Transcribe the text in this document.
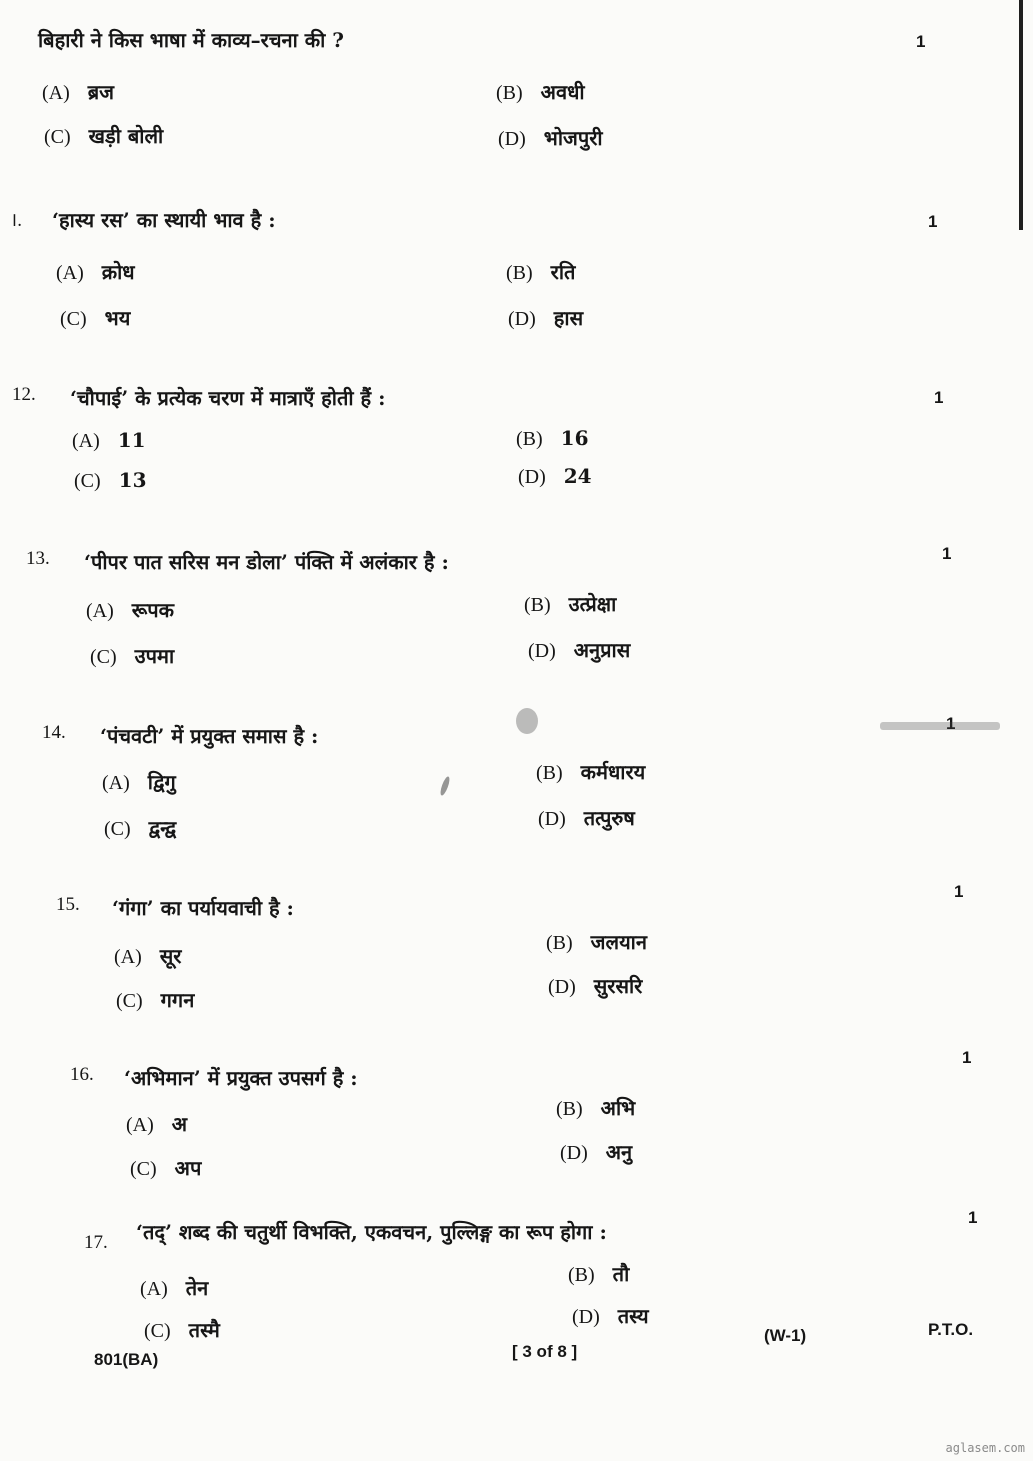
बिहारी ने किस भाषा में काव्य–रचना की ?	1
(A) ब्रज	(B) अवधी
(C) खड़ी बोली	(D) भोजपुरी
।. ‘हास्य रस’ का स्थायी भाव है :	1
(A) क्रोध	(B) रति
(C) भय	(D) हास
12. ‘चौपाई’ के प्रत्येक चरण में मात्राएँ होती हैं :	1
(A) 11	(B) 16
(C) 13	(D) 24
13. ‘पीपर पात सरिस मन डोला’ पंक्ति में अलंकार है :	1
(A) रूपक	(B) उत्प्रेक्षा
(C) उपमा	(D) अनुप्रास
14. ‘पंचवटी’ में प्रयुक्त समास है :
1
(A) द्विगु	(B) कर्मधारय
(C) द्वन्द्व	(D) तत्पुरुष
15. ‘गंगा’ का पर्यायवाची है :
1
(A) सूर
(B) जलयान
(C) गगन
(D) सुरसरि
16. ‘अभिमान’ में प्रयुक्त उपसर्ग है :
1
(A) अ
(B) अभि
(C) अप
(D) अनु
17. ‘तद्’ शब्द की चतुर्थी विभक्ति, एकवचन, पुल्लिङ्ग का रूप होगा :
1
(A) तेन
(B) तौ
(C) तस्मै
(D) तस्य
801(BA)	[ 3 of 8 ]
(W-1)	P.T.O.
aglasem.com
